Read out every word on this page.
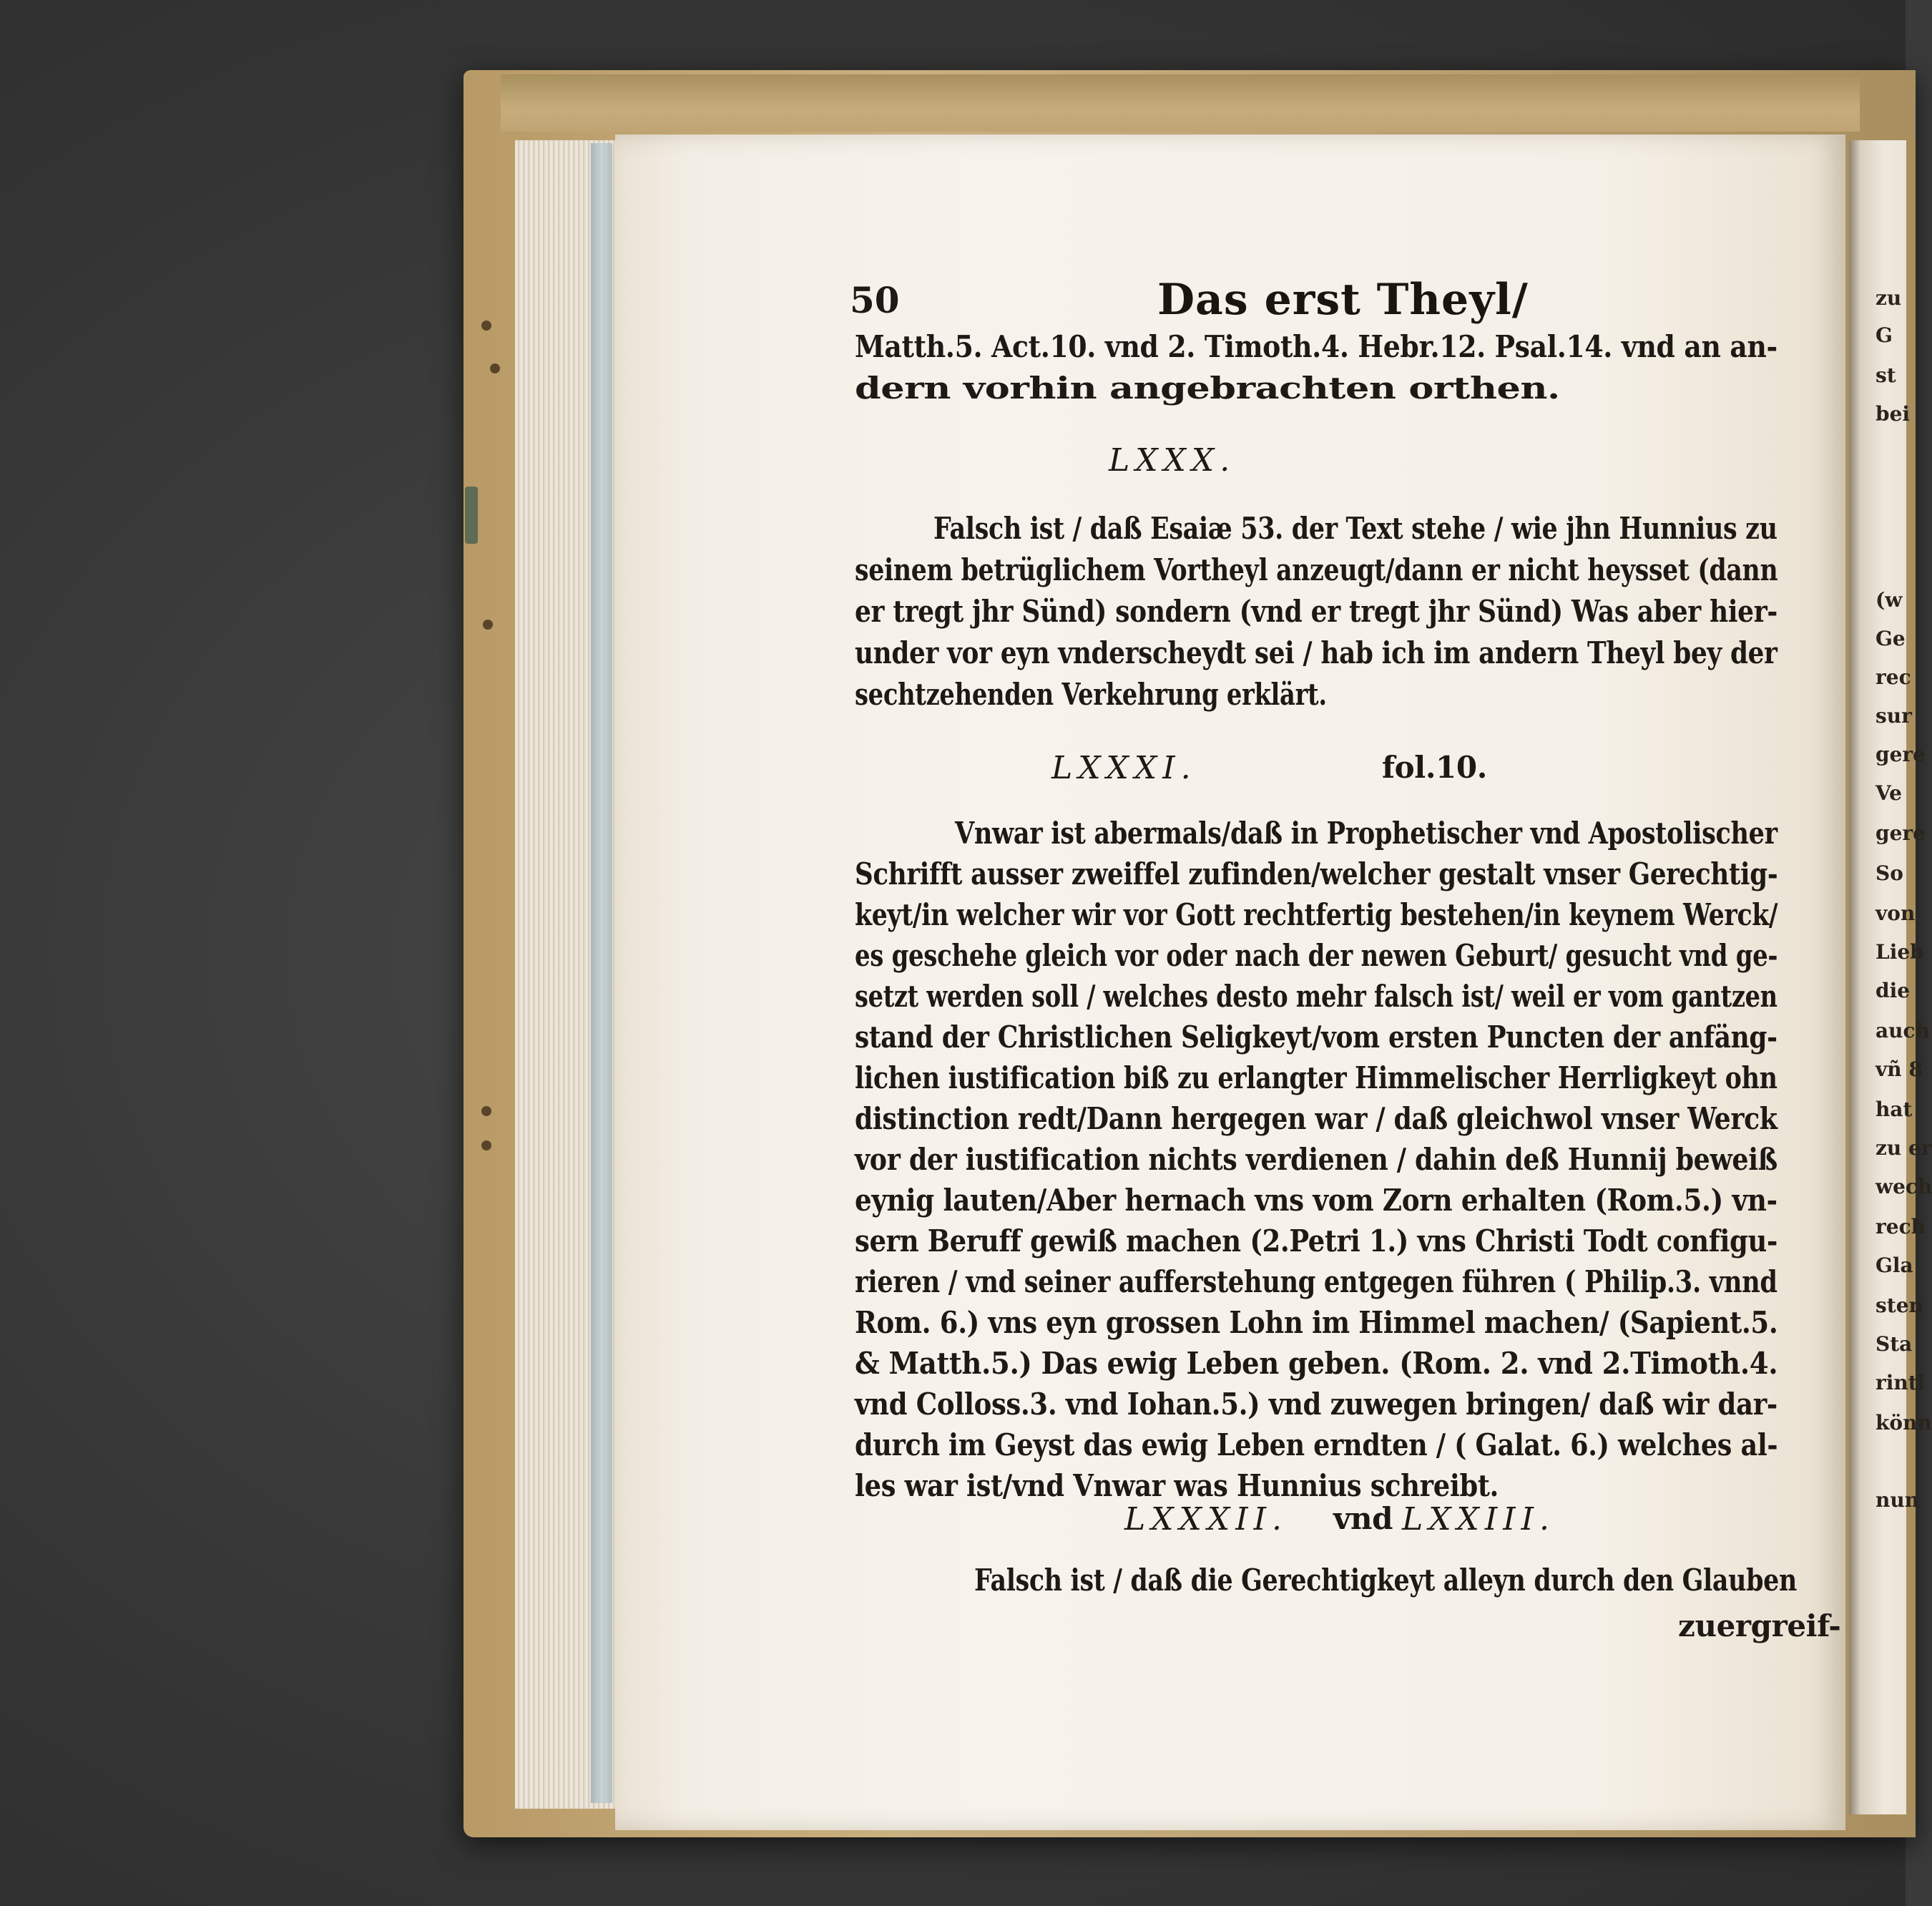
zu
G
st
bei
(w
Ge
rec
sur
gere
Ve
gere
So
von
Lieb
die
auch
vñ 8
hat
zu er
wech
rech
Gla
sten
Sta
rinti
könn
nun
50	Das erst Theyl/
Matth.5. Act.10. vnd 2. Timoth.4. Hebr.12. Psal.14. vnd an an-
dern vorhin angebrachten orthen.
LXXX.
Falsch ist / daß Esaiæ 53. der Text stehe / wie jhn Hunnius zu
seinem betrüglichem Vortheyl anzeugt/dann er nicht heysset (dann
er tregt jhr Sünd) sondern (vnd er tregt jhr Sünd) Was aber hier-
under vor eyn vnderscheydt sei / hab ich im andern Theyl bey der
sechtzehenden Verkehrung erklärt.
LXXXI.	fol.10.
Vnwar ist abermals/daß in Prophetischer vnd Apostolischer
Schrifft ausser zweiffel zufinden/welcher gestalt vnser Gerechtig-
keyt/in welcher wir vor Gott rechtfertig bestehen/in keynem Werck/
es geschehe gleich vor oder nach der newen Geburt/ gesucht vnd ge-
setzt werden soll / welches desto mehr falsch ist/ weil er vom gantzen
stand der Christlichen Seligkeyt/vom ersten Puncten der anfäng-
lichen iustification biß zu erlangter Himmelischer Herrligkeyt ohn
distinction redt/Dann hergegen war / daß gleichwol vnser Werck
vor der iustification nichts verdienen / dahin deß Hunnij beweiß
eynig lauten/Aber hernach vns vom Zorn erhalten (Rom.5.) vn-
sern Beruff gewiß machen (2.Petri 1.) vns Christi Todt configu-
rieren / vnd seiner aufferstehung entgegen führen ( Philip.3. vnnd
Rom. 6.) vns eyn grossen Lohn im Himmel machen/ (Sapient.5.
& Matth.5.) Das ewig Leben geben. (Rom. 2. vnd 2.Timoth.4.
vnd Colloss.3. vnd Iohan.5.) vnd zuwegen bringen/ daß wir dar-
durch im Geyst das ewig Leben erndten / ( Galat. 6.) welches al-
les war ist/vnd Vnwar was Hunnius schreibt.
LXXXII. vnd LXXIII.
Falsch ist / daß die Gerechtigkeyt alleyn durch den Glauben
zuergreif-
